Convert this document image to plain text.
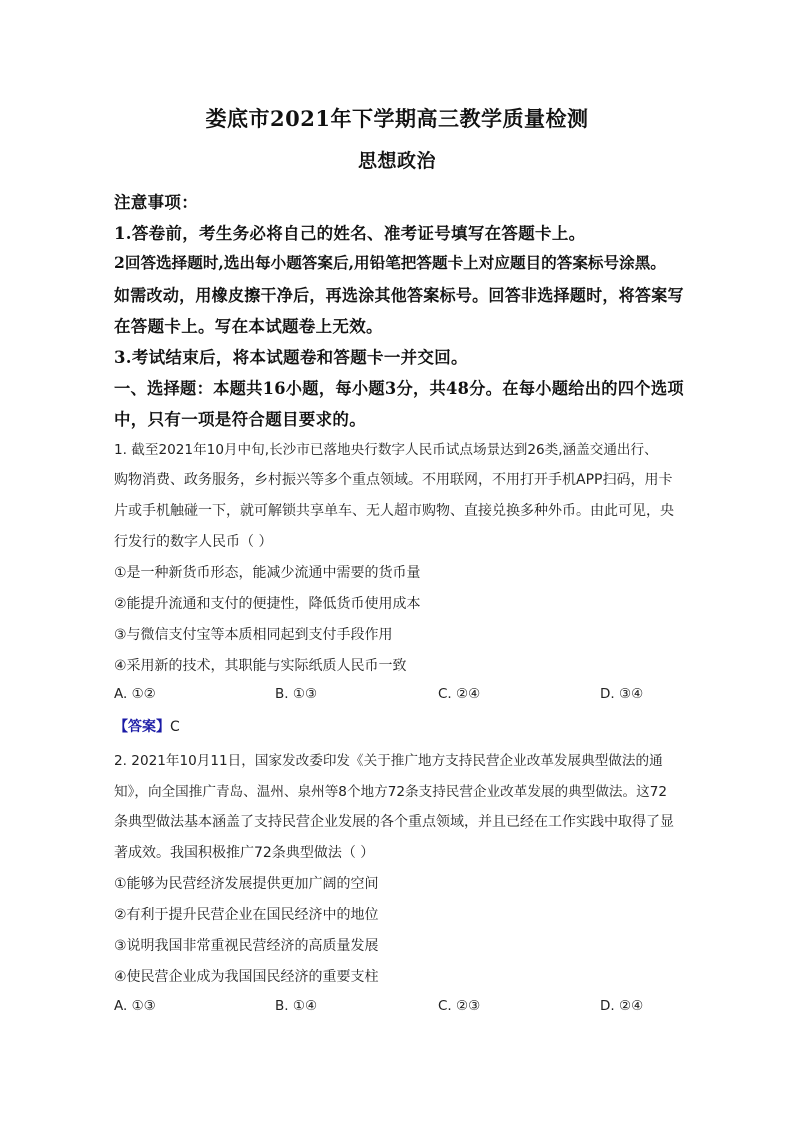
娄底市2021年下学期高三教学质量检测
思想政治
注意事项：
1.答卷前，考生务必将自己的姓名、准考证号填写在答题卡上。
2回答选择题时,选出每小题答案后,用铅笔把答题卡上对应题目的答案标号涂黑。
如需改动，用橡皮擦干净后，再选涂其他答案标号。回答非选择题时，将答案写
在答题卡上。写在本试题卷上无效。
3.考试结束后，将本试题卷和答题卡一并交回。
一、选择题：本题共16小题，每小题3分，共48分。在每小题给出的四个选项
中，只有一项是符合题目要求的。
1. 截至2021年10月中旬,长沙市已落地央行数字人民币试点场景达到26类,涵盖交通出行、
购物消费、政务服务，乡村振兴等多个重点领域。不用联网，不用打开手机APP扫码，用卡
片或手机触碰一下，就可解锁共享单车、无人超市购物、直接兑换多种外币。由此可见，央
行发行的数字人民币（ ）
①是一种新货币形态，能减少流通中需要的货币量
②能提升流通和支付的便捷性，降低货币使用成本
③与微信支付宝等本质相同起到支付手段作用
④采用新的技术，其职能与实际纸质人民币一致
A. ①②	B. ①③	C. ②④	D. ③④
【答案】C
2. 2021年10月11日，国家发改委印发《关于推广地方支持民营企业改革发展典型做法的通
知》，向全国推广青岛、温州、泉州等8个地方72条支持民营企业改革发展的典型做法。这72
条典型做法基本涵盖了支持民营企业发展的各个重点领域，并且已经在工作实践中取得了显
著成效。我国积极推广72条典型做法（ ）
①能够为民营经济发展提供更加广阔的空间
②有利于提升民营企业在国民经济中的地位
③说明我国非常重视民营经济的高质量发展
④使民营企业成为我国国民经济的重要支柱
A. ①③	B. ①④	C. ②③	D. ②④
